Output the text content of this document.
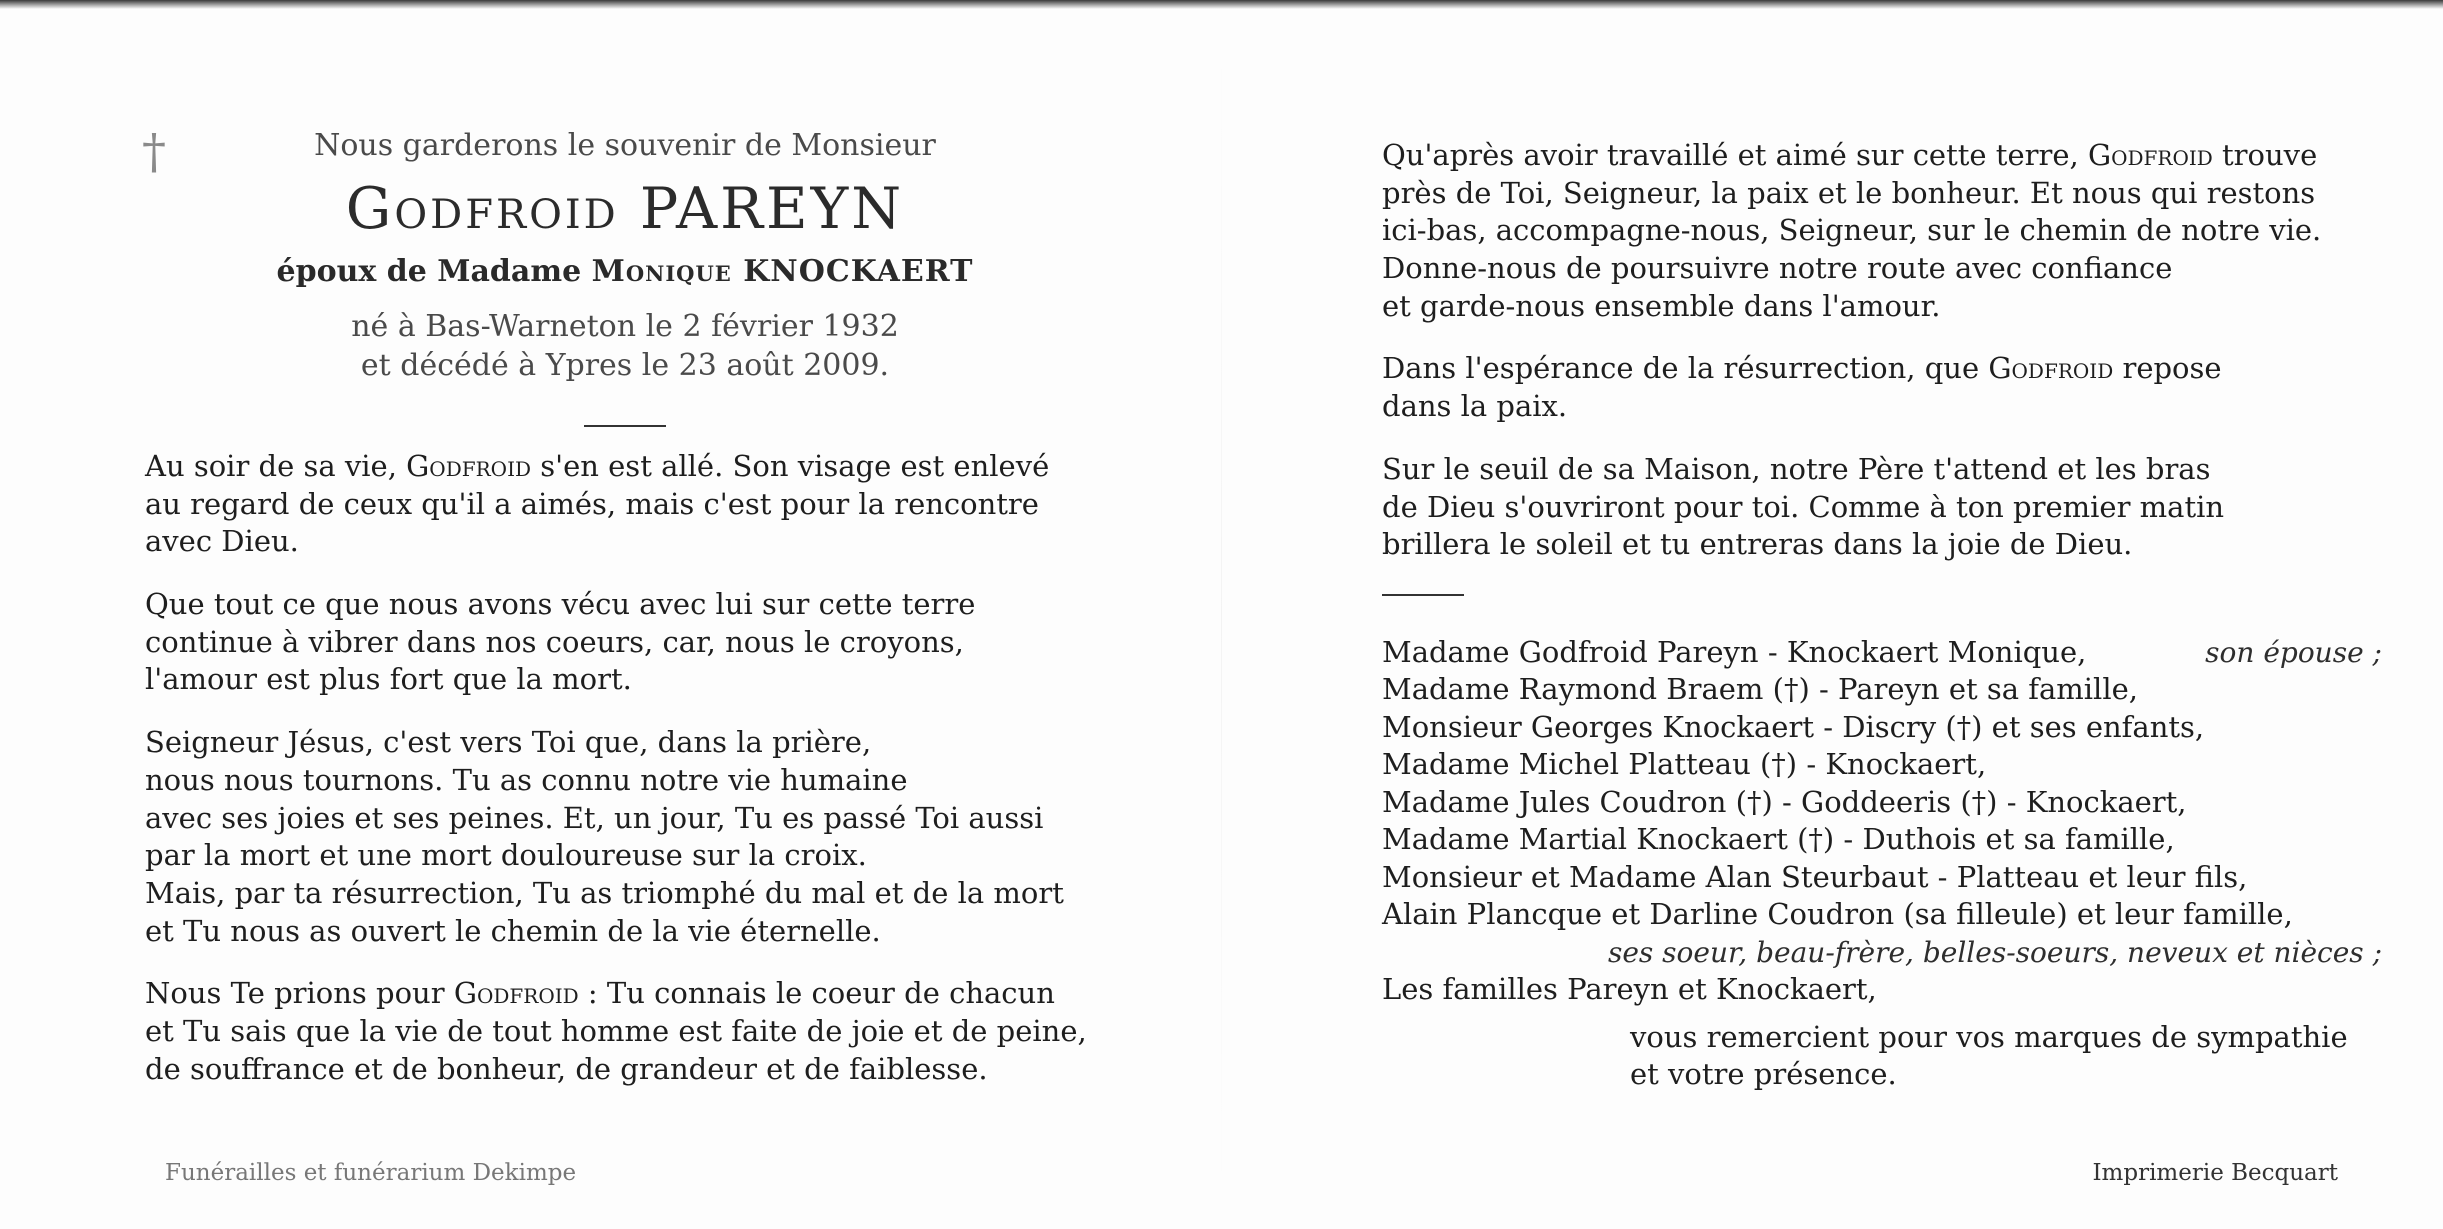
†	Nous garderons le souvenir de Monsieur
Godfroid PAREYN
époux de Madame Monique KNOCKAERT
né à Bas-Warneton le 2 février 1932
et décédé à Ypres le 23 août 2009.

Au soir de sa vie, Godfroid s'en est allé. Son visage est enlevé
au regard de ceux qu'il a aimés, mais c'est pour la rencontre
avec Dieu.

Que tout ce que nous avons vécu avec lui sur cette terre
continue à vibrer dans nos coeurs, car, nous le croyons,
l'amour est plus fort que la mort.

Seigneur Jésus, c'est vers Toi que, dans la prière,
nous nous tournons. Tu as connu notre vie humaine
avec ses joies et ses peines. Et, un jour, Tu es passé Toi aussi
par la mort et une mort douloureuse sur la croix.
Mais, par ta résurrection, Tu as triomphé du mal et de la mort
et Tu nous as ouvert le chemin de la vie éternelle.

Nous Te prions pour Godfroid : Tu connais le coeur de chacun
et Tu sais que la vie de tout homme est faite de joie et de peine,
de souffrance et de bonheur, de grandeur et de faiblesse.

Funérailles et funérarium Dekimpe

Qu'après avoir travaillé et aimé sur cette terre, Godfroid trouve
près de Toi, Seigneur, la paix et le bonheur. Et nous qui restons
ici-bas, accompagne-nous, Seigneur, sur le chemin de notre vie.
Donne-nous de poursuivre notre route avec confiance
et garde-nous ensemble dans l'amour.

Dans l'espérance de la résurrection, que Godfroid repose
dans la paix.

Sur le seuil de sa Maison, notre Père t'attend et les bras
de Dieu s'ouvriront pour toi. Comme à ton premier matin
brillera le soleil et tu entreras dans la joie de Dieu.

Madame Godfroid Pareyn - Knockaert Monique,	son épouse ;
Madame Raymond Braem (†) - Pareyn et sa famille,
Monsieur Georges Knockaert - Discry (†) et ses enfants,
Madame Michel Platteau (†) - Knockaert,
Madame Jules Coudron (†) - Goddeeris (†) - Knockaert,
Madame Martial Knockaert (†) - Duthois et sa famille,
Monsieur et Madame Alan Steurbaut - Platteau et leur fils,
Alain Plancque et Darline Coudron (sa filleule) et leur famille,
ses soeur, beau-frère, belles-soeurs, neveux et nièces ;
Les familles Pareyn et Knockaert,
vous remercient pour vos marques de sympathie
et votre présence.
Imprimerie Becquart
